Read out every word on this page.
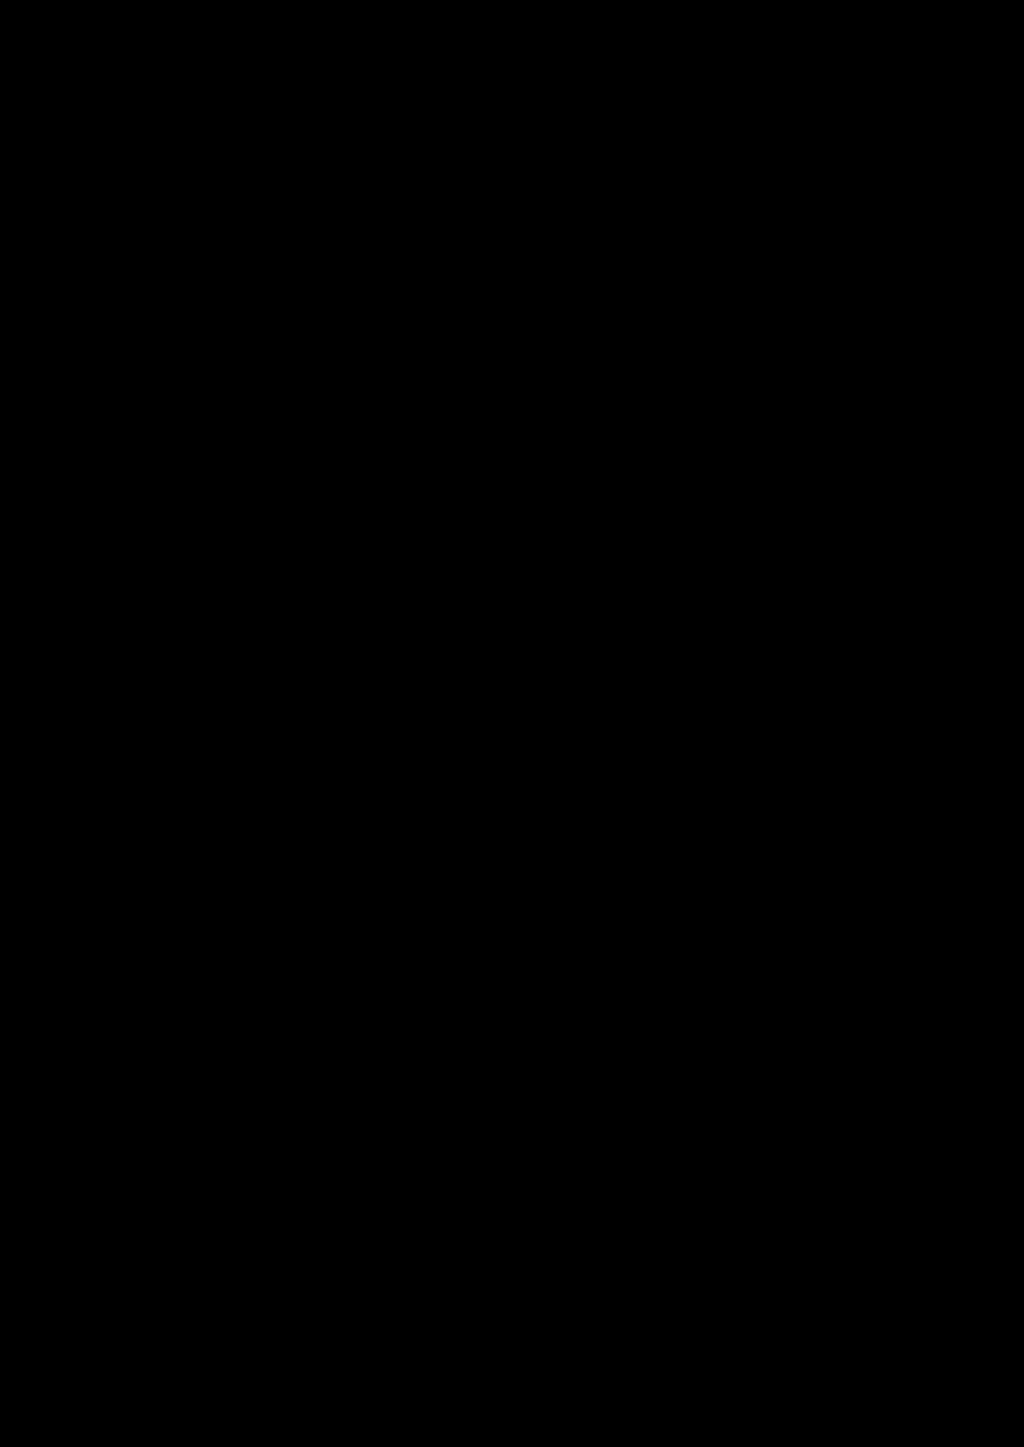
Wykaz oświadczeń lub dokumentów, składanych przez Wykonawcę w postępowaniu na wezwanie Zamawiającego w celu potwierdzenia okoliczności, o których mowa w art. 25 ust. 1 pkt 3 ustawy Pzp:

1) Informacja z Krajowego Rejestru Karnego w zakresie określonym w art. 24 ust. 1 pkt 13, 14 i 21 ustawy oraz, odnośnie skazania za wykroczenie na karę aresztu, w zakresie określonym przez Zamawiającego na podstawie art. 24 ust. 5 pkt 5 i 6 ustawy, wystawiona nie wcześniej niż 6 miesięcy przed upływem terminu składania ofert;
2) Zaświadczenie właściwego naczelnika urzędu skarbowego potwierdzające, że Wykonawca nie zalega z opłacaniem podatków, wystawione nie wcześniej niż 3 miesiące przed upływem terminu składania ofert lub inny dokument potwierdzający, że Wykonawca zawarł porozumienie z właściwym organem podatkowym w sprawie spłat tych należności wraz z ewentualnymi odsetkami lub grzywnami, w szczególności uzyskał przewidziane prawem zwolnienie, odroczenie lub rozłożenie na raty zaległych płatności lub wstrzymanie w całości wykonania decyzji właściwego organu;
3) Zaświadczenie właściwej terenowej jednostki organizacyjnej Zakładu Ubezpieczeń Społecznych lub Kasy Rolniczego Ubezpieczenia Społecznego albo inny dokument potwierdzający, że Wykonawca nie zalega z opłacaniem składek na ubezpieczenia społeczne lub zdrowotne, wystawiony nie wcześniej niż 3 miesiące przed upływem terminu składania ofert, lub inny dokument potwierdzający, że Wykonawca zawarł porozumienie z właściwym organem w sprawie spłat tych należności wraz z ewentualnymi odsetkami lub grzywnami, w szczególności uzyskał przewidziane prawem zwolnienie, odroczenie lub rozłożenie na raty zaległych płatności lub wstrzymanie w całości wykonania decyzji właściwego organu;
4) Odpis z właściwego rejestru lub z centralnej ewidencji i informacji o działalności gospodarczej, jeżeli odrębne przepisy wymagają wpisu do rejestru lub ewidencji, w celu potwierdzenia braku podstaw wykluczenia na podstawie art. 24 ust. 5 pkt 1 ustawy. Zgodnie z art. 26 ust. 2f ustawy Pzp Zamawiający, w celu zapewnienia odpowiedniego przebiegu postępowania o udzielenie zamówienia, tj. w celu weryfikacji osób uprawnionych do reprezentowania Wykonawcy i składania oświadczenia woli, wzywa Wykonawców do złożenia dokumentu wraz z ofertą;
5) Oświadczenie Wykonawcy o braku wydania wobec niego prawomocnego wyroku sądu lub ostatecznej decyzji administracyjnej o zaleganiu z uiszczaniem podatków, opłat lub składek na ubezpieczenia społeczne lub zdrowotne albo – w przypadku wydania takiego wyroku lub decyzji – dokumentów potwierdzających dokonanie płatności tych należności wraz z ewentualnymi odsetkami lub grzywnami lub zawarcie wiążącego porozumienia w sprawie spłat tych należności;
6) Oświadczenie Wykonawcy o braku orzeczenia wobec niego tytułem środka zapobiegawczego zakazu ubiegania się o zamówienia publiczne;
7) Oświadczenie Wykonawcy o braku wydania prawomocnego wyroku sądu skazującego za wykroczenie na karę ograniczenia wolności lub grzywny w zakresie określonym przez Zamawiającego na podstawie art. 24 ust. 5 pkt 5 i 6 ustawy;
8) Oświadczenie Wykonawcy o braku wydania wobec niego ostatecznej decyzji administracyjnej o naruszeniu obowiązków wynikających z przepisów prawa pracy, prawa ochrony środowiska lub przepisów o zabezpieczeniu społecznym w zakresie określonym przez Zamawiającego na podstawie art. 24 ust. 5 pkt 7 ustawy;
9) Oświadczenie Wykonawcy o niezaleganiu z opłacaniem podatków i opłat lokalnych, o których mowa w ustawie z dnia 12 stycznia 1991 r. o podatkach i opłatach lokalnych (t. j. Dz. U. z 2017 r. poz. 1785, 2141);
10) Oświadczenia Wykonawcy o przynależności albo braku przynależności do tej samej grupy kapitałowej; w przypadku przynależności do tej samej grupy kapitałowej Wykonawca może złożyć wraz z oświadczeniem dokumenty bądź informacje potwierdzające, że powiązania z innym Wykonawcą nie prowadzą do zakłócenia konkurencji w postępowaniu.
11) Oświadczenia, o których mowa w pkt 5-10 należy złożyć wg wzoru w załączniku do SIWZ.
12) Zamawiający żąda od Wykonawcy, który polega na zdolnościach lub sytuacji innych podmiotów na zasadach określonych w art. 22a ustawy Pzp, przedstawienia w odniesieniu do tych podmiotów dokumentów wymienionych w pkt 1–9. Zgodnie z art. 26 ust. 2f ustawy Pzp Zamawiający wzywa Wykonawców do złożenia wraz z ofertą dokumentu z pkt 4, dotyczącego innych podmiotów.
